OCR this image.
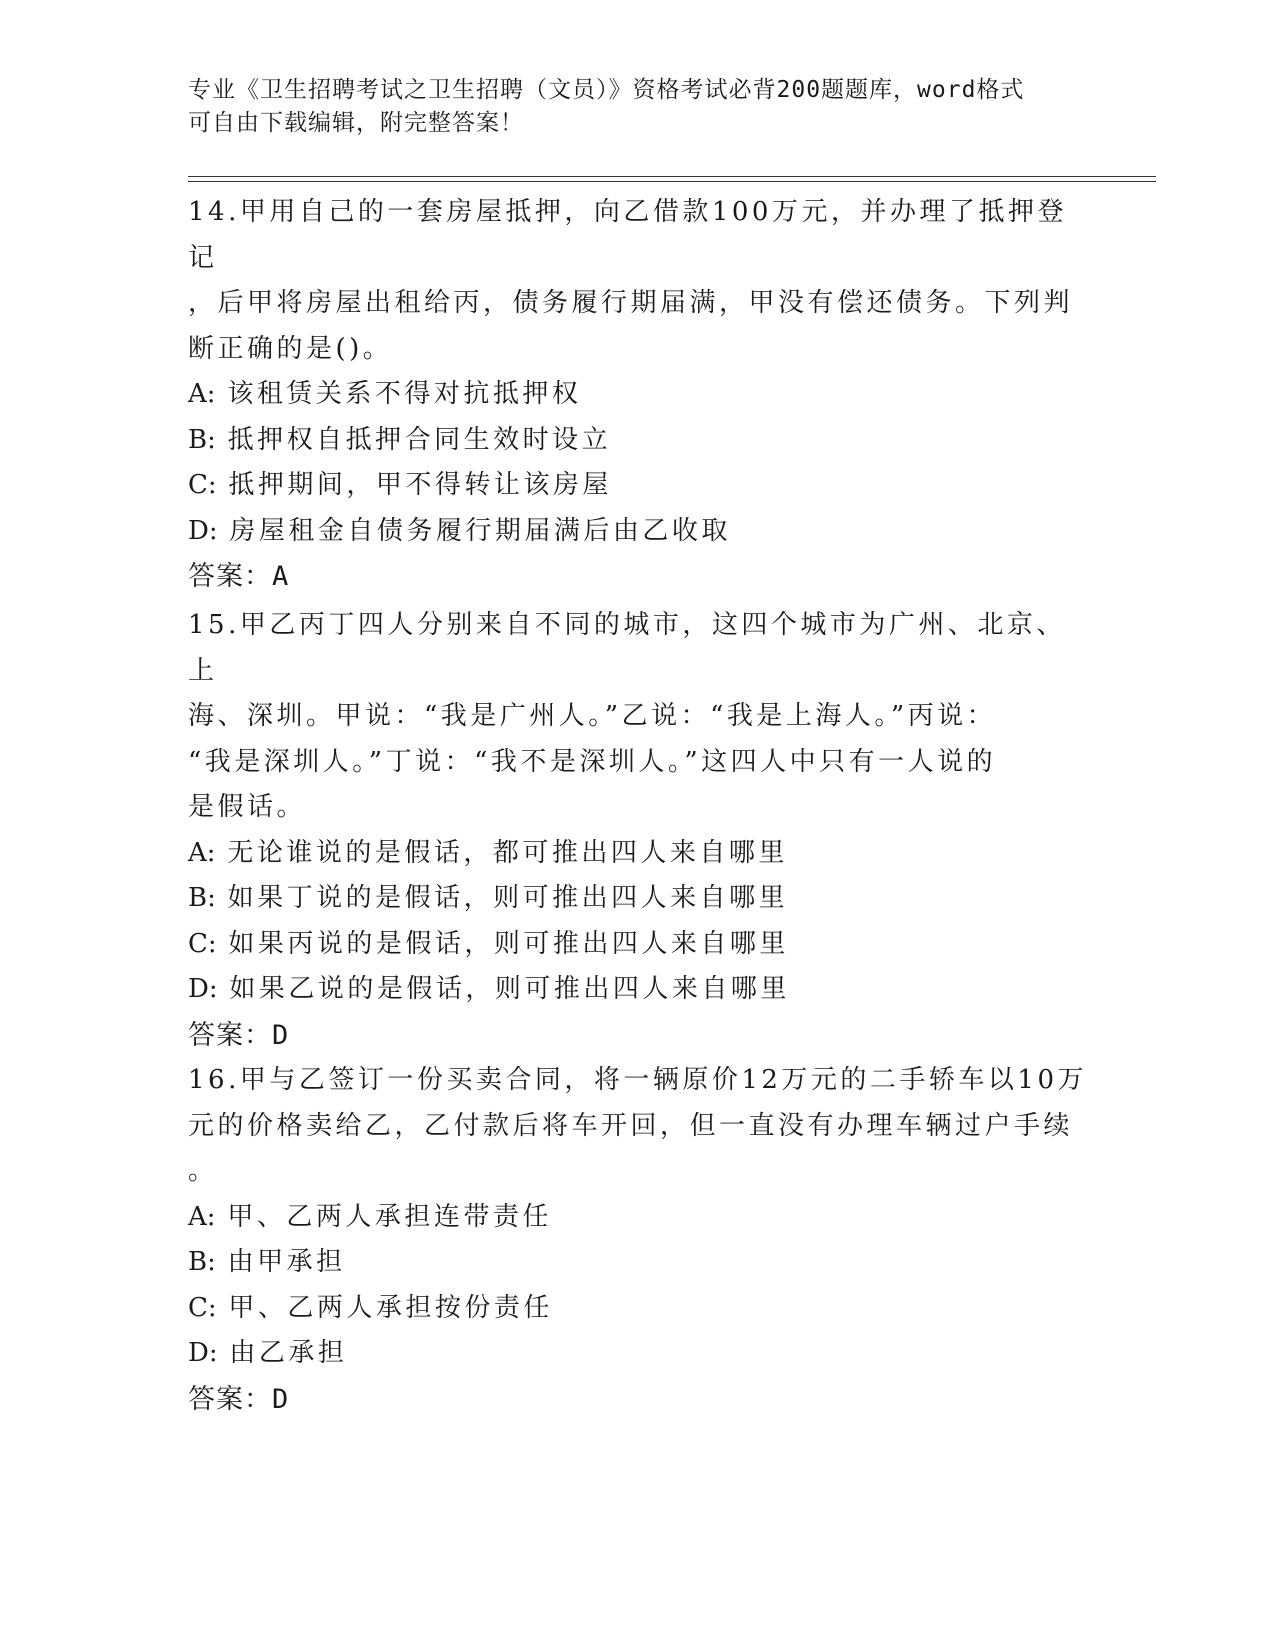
专业《卫生招聘考试之卫生招聘（文员）》资格考试必背200题题库，word格式
可自由下载编辑，附完整答案！
14.甲用自己的一套房屋抵押，向乙借款100万元，并办理了抵押登记
，后甲将房屋出租给丙，债务履行期届满，甲没有偿还债务。下列判
断正确的是()。
A: 该租赁关系不得对抗抵押权
B: 抵押权自抵押合同生效时设立
C: 抵押期间，甲不得转让该房屋
D: 房屋租金自债务履行期届满后由乙收取
答案：A
15.甲乙丙丁四人分别来自不同的城市，这四个城市为广州、北京、上
海、深圳。甲说：“我是广州人。”乙说：“我是上海人。”丙说：
“我是深圳人。”丁说：“我不是深圳人。”这四人中只有一人说的
是假话。
A: 无论谁说的是假话，都可推出四人来自哪里
B: 如果丁说的是假话，则可推出四人来自哪里
C: 如果丙说的是假话，则可推出四人来自哪里
D: 如果乙说的是假话，则可推出四人来自哪里
答案：D
16.甲与乙签订一份买卖合同，将一辆原价12万元的二手轿车以10万
元的价格卖给乙，乙付款后将车开回，但一直没有办理车辆过户手续
。
A: 甲、乙两人承担连带责任
B: 由甲承担
C: 甲、乙两人承担按份责任
D: 由乙承担
答案：D
